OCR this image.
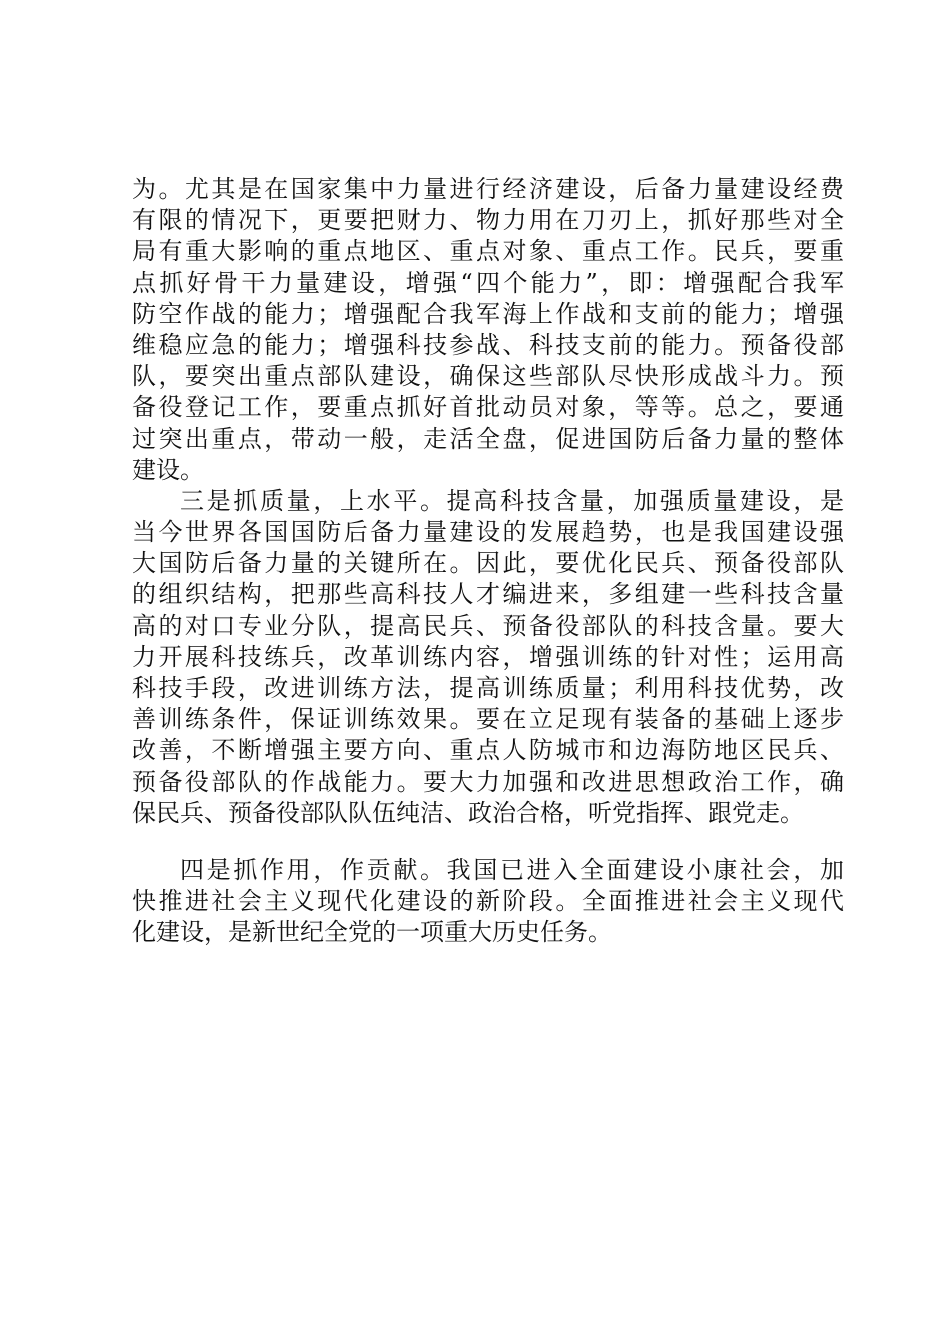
为。尤其是在国家集中力量进行经济建设，后备力量建设经费
有限的情况下，更要把财力、物力用在刀刃上，抓好那些对全
局有重大影响的重点地区、重点对象、重点工作。民兵，要重
点抓好骨干力量建设，增强“四个能力”，即：增强配合我军
防空作战的能力；增强配合我军海上作战和支前的能力；增强
维稳应急的能力；增强科技参战、科技支前的能力。预备役部
队，要突出重点部队建设，确保这些部队尽快形成战斗力。预
备役登记工作，要重点抓好首批动员对象，等等。总之，要通
过突出重点，带动一般，走活全盘，促进国防后备力量的整体
建设。
三是抓质量，上水平。提高科技含量，加强质量建设，是
当今世界各国国防后备力量建设的发展趋势，也是我国建设强
大国防后备力量的关键所在。因此，要优化民兵、预备役部队
的组织结构，把那些高科技人才编进来，多组建一些科技含量
高的对口专业分队，提高民兵、预备役部队的科技含量。要大
力开展科技练兵，改革训练内容，增强训练的针对性；运用高
科技手段，改进训练方法，提高训练质量；利用科技优势，改
善训练条件，保证训练效果。要在立足现有装备的基础上逐步
改善，不断增强主要方向、重点人防城市和边海防地区民兵、
预备役部队的作战能力。要大力加强和改进思想政治工作，确
保民兵、预备役部队队伍纯洁、政治合格，听党指挥、跟党走。
四是抓作用，作贡献。我国已进入全面建设小康社会，加
快推进社会主义现代化建设的新阶段。全面推进社会主义现代
化建设，是新世纪全党的一项重大历史任务。
